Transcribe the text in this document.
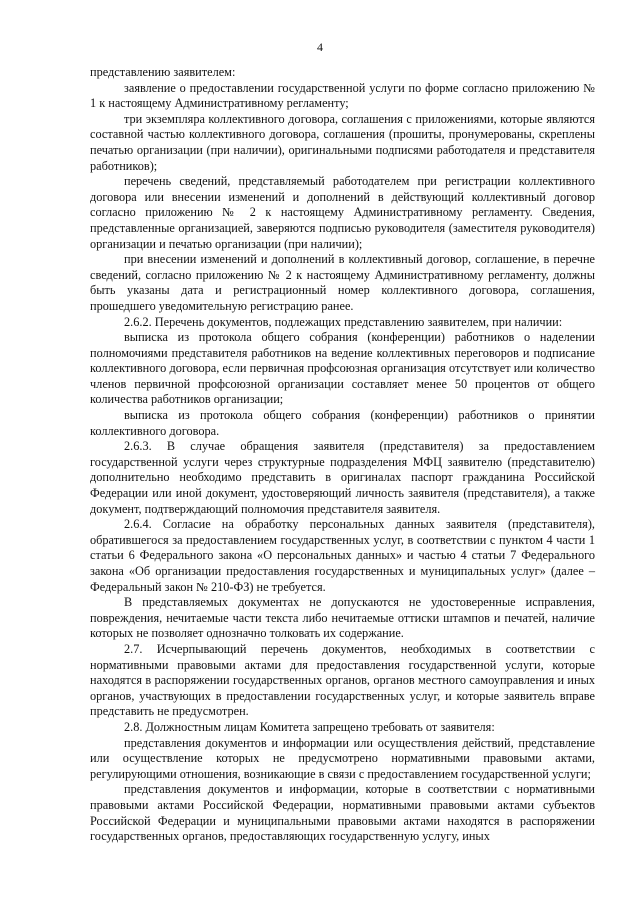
4

представлению заявителем:

заявление о предоставлении государственной услуги по форме согласно приложению № 1 к настоящему Административному регламенту;

три экземпляра коллективного договора, соглашения с приложениями, которые являются составной частью коллективного договора, соглашения (прошиты, пронумерованы, скреплены печатью организации (при наличии), оригинальными подписями работодателя и представителя работников);

перечень сведений, представляемый работодателем при регистрации коллективного договора или внесении изменений и дополнений в действующий коллективный договор согласно приложению № 2 к настоящему Административному регламенту. Сведения, представленные организацией, заверяются подписью руководителя (заместителя руководителя) организации и печатью организации (при наличии);

при внесении изменений и дополнений в коллективный договор, соглашение, в перечне сведений, согласно приложению № 2 к настоящему Административному регламенту, должны быть указаны дата и регистрационный номер коллективного договора, соглашения, прошедшего уведомительную регистрацию ранее.

2.6.2. Перечень документов, подлежащих представлению заявителем, при наличии:

выписка из протокола общего собрания (конференции) работников о наделении полномочиями представителя работников на ведение коллективных переговоров и подписание коллективного договора, если первичная профсоюзная организация отсутствует или количество членов первичной профсоюзной организации составляет менее 50 процентов от общего количества работников организации;

выписка из протокола общего собрания (конференции) работников о принятии коллективного договора.

2.6.3. В случае обращения заявителя (представителя) за предоставлением государственной услуги через структурные подразделения МФЦ заявителю (представителю) дополнительно необходимо представить в оригиналах паспорт гражданина Российской Федерации или иной документ, удостоверяющий личность заявителя (представителя), а также документ, подтверждающий полномочия представителя заявителя.

2.6.4. Согласие на обработку персональных данных заявителя (представителя), обратившегося за предоставлением государственных услуг, в соответствии с пунктом 4 части 1 статьи 6 Федерального закона «О персональных данных» и частью 4 статьи 7 Федерального закона «Об организации предоставления государственных и муниципальных услуг» (далее – Федеральный закон № 210-ФЗ) не требуется.

В представляемых документах не допускаются не удостоверенные исправления, повреждения, нечитаемые части текста либо нечитаемые оттиски штампов и печатей, наличие которых не позволяет однозначно толковать их содержание.

2.7. Исчерпывающий перечень документов, необходимых в соответствии с нормативными правовыми актами для предоставления государственной услуги, которые находятся в распоряжении государственных органов, органов местного самоуправления и иных органов, участвующих в предоставлении государственных услуг, и которые заявитель вправе представить не предусмотрен.

2.8. Должностным лицам Комитета запрещено требовать от заявителя:

представления документов и информации или осуществления действий, представление или осуществление которых не предусмотрено нормативными правовыми актами, регулирующими отношения, возникающие в связи с предоставлением государственной услуги;

представления документов и информации, которые в соответствии с нормативными правовыми актами Российской Федерации, нормативными правовыми актами субъектов Российской Федерации и муниципальными правовыми актами находятся в распоряжении государственных органов, предоставляющих государственную услугу, иных
